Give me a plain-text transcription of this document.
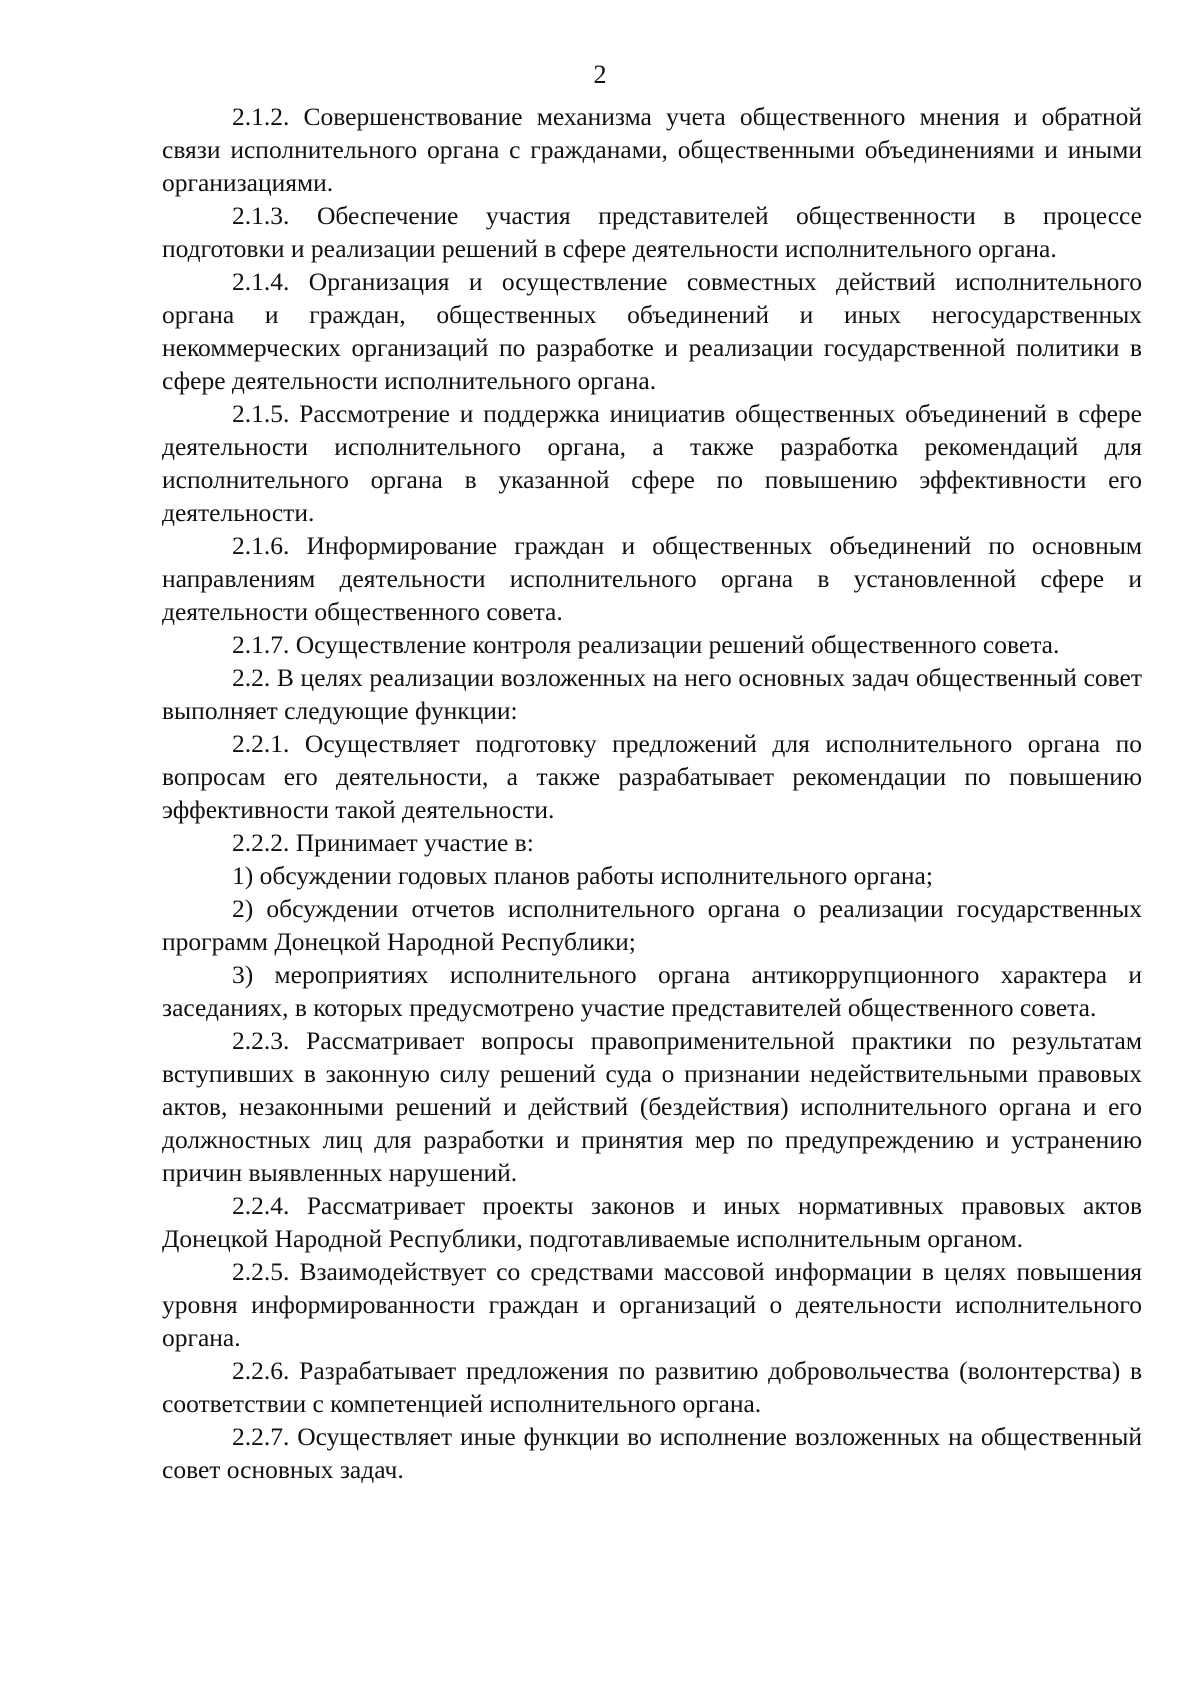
2

2.1.2. Совершенствование механизма учета общественного мнения и обратной связи исполнительного органа с гражданами, общественными объединениями и иными организациями.

2.1.3. Обеспечение участия представителей общественности в процессе подготовки и реализации решений в сфере деятельности исполнительного органа.

2.1.4. Организация и осуществление совместных действий исполнительного органа и граждан, общественных объединений и иных негосударственных некоммерческих организаций по разработке и реализации государственной политики в сфере деятельности исполнительного органа.

2.1.5. Рассмотрение и поддержка инициатив общественных объединений в сфере деятельности исполнительного органа, а также разработка рекомендаций для исполнительного органа в указанной сфере по повышению эффективности его деятельности.

2.1.6. Информирование граждан и общественных объединений по основным направлениям деятельности исполнительного органа в установленной сфере и деятельности общественного совета.

2.1.7. Осуществление контроля реализации решений общественного совета.

2.2. В целях реализации возложенных на него основных задач общественный совет выполняет следующие функции:

2.2.1. Осуществляет подготовку предложений для исполнительного органа по вопросам его деятельности, а также разрабатывает рекомендации по повышению эффективности такой деятельности.

2.2.2. Принимает участие в:

1) обсуждении годовых планов работы исполнительного органа;

2) обсуждении отчетов исполнительного органа о реализации государственных программ Донецкой Народной Республики;

3) мероприятиях исполнительного органа антикоррупционного характера и заседаниях, в которых предусмотрено участие представителей общественного совета.

2.2.3. Рассматривает вопросы правоприменительной практики по результатам вступивших в законную силу решений суда о признании недействительными правовых актов, незаконными решений и действий (бездействия) исполнительного органа и его должностных лиц для разработки и принятия мер по предупреждению и устранению причин выявленных нарушений.

2.2.4. Рассматривает проекты законов и иных нормативных правовых актов Донецкой Народной Республики, подготавливаемые исполнительным органом.

2.2.5. Взаимодействует со средствами массовой информации в целях повышения уровня информированности граждан и организаций о деятельности исполнительного органа.

2.2.6. Разрабатывает предложения по развитию добровольчества (волонтерства) в соответствии с компетенцией исполнительного органа.

2.2.7. Осуществляет иные функции во исполнение возложенных на общественный совет основных задач.
